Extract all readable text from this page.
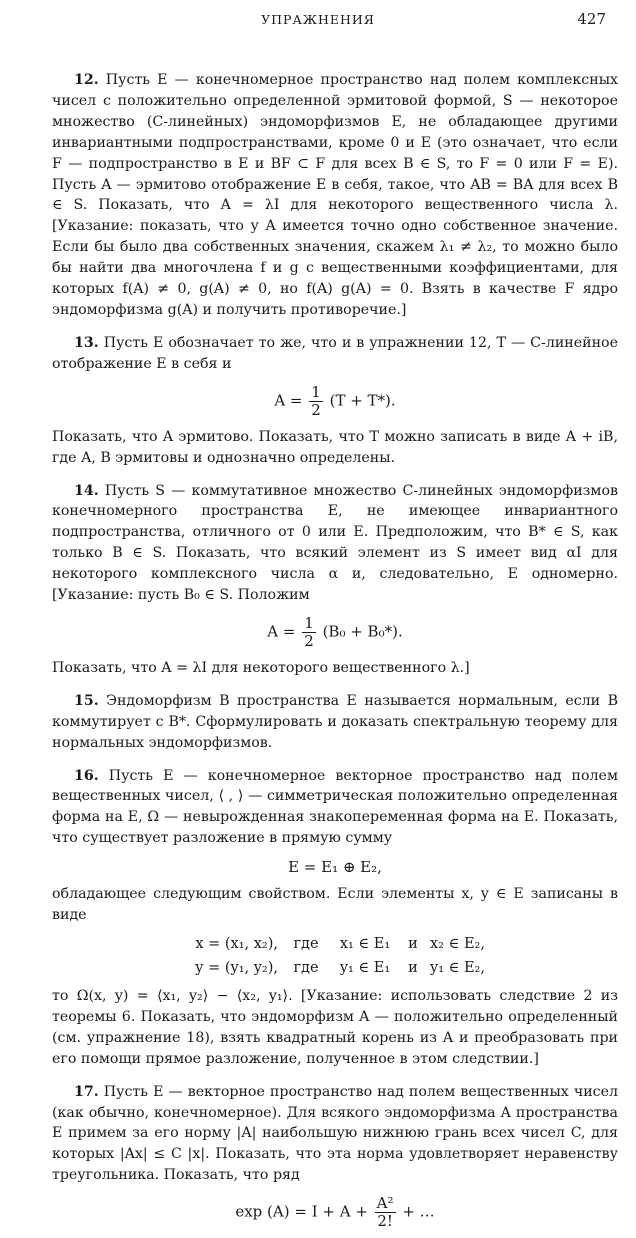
УПРАЖНЕНИЯ	427

12. Пусть E — конечномерное пространство над полем комплексных чисел с положительно определенной эрмитовой формой, S — некоторое множество (C-линейных) эндоморфизмов E, не обладающее другими инвариантными подпространствами, кроме 0 и E (это означает, что если F — подпространство в E и BF ⊂ F для всех B ∈ S, то F = 0 или F = E). Пусть A — эрмитово отображение E в себя, такое, что AB = BA для всех B ∈ S. Показать, что A = λI для некоторого вещественного числа λ. [Указание: показать, что у A имеется точно одно собственное значение. Если бы было два собственных значения, скажем λ₁ ≠ λ₂, то можно было бы найти два многочлена f и g с вещественными коэффициентами, для которых f(A) ≠ 0, g(A) ≠ 0, но f(A) g(A) = 0. Взять в качестве F ядро эндоморфизма g(A) и получить противоречие.]

13. Пусть E обозначает то же, что и в упражнении 12, T — C-линейное отображение E в себя и

$A = \frac{1}{2} (T + T*)$.

Показать, что A эрмитово. Показать, что T можно записать в виде A + iB, где A, B эрмитовы и однозначно определены.

14. Пусть S — коммутативное множество C-линейных эндоморфизмов конечномерного пространства E, не имеющее инвариантного подпространства, отличного от 0 или E. Предположим, что B* ∈ S, как только B ∈ S. Показать, что всякий элемент из S имеет вид αI для некоторого комплексного числа α и, следовательно, E одномерно. [Указание: пусть B₀ ∈ S. Положим

$A = \frac{1}{2} (B_0 + B_0*)$.

Показать, что A = λI для некоторого вещественного λ.]

15. Эндоморфизм B пространства E называется нормальным, если B коммутирует с B*. Сформулировать и доказать спектральную теорему для нормальных эндоморфизмов.

16. Пусть E — конечномерное векторное пространство над полем вещественных чисел, ⟨ , ⟩ — симметрическая положительно определенная форма на E, Ω — невырожденная знакопеременная форма на E. Показать, что существует разложение в прямую сумму

E = E₁ ⊕ E₂,

обладающее следующим свойством. Если элементы x, y ∈ E записаны в виде

x = (x₁, x₂),	где	x₁ ∈ E₁	и x₂ ∈ E₂,
y = (y₁, y₂),	где	y₁ ∈ E₁	и y₁ ∈ E₂,

то Ω(x, y) = ⟨x₁, y₂⟩ − ⟨x₂, y₁⟩. [Указание: использовать следствие 2 из теоремы 6. Показать, что эндоморфизм A — положительно определенный (см. упражнение 18), взять квадратный корень из A и преобразовать при его помощи прямое разложение, полученное в этом следствии.]

17. Пусть E — векторное пространство над полем вещественных чисел (как обычно, конечномерное). Для всякого эндоморфизма A пространства E примем за его норму |A| наибольшую нижнюю грань всех чисел C, для которых |Ax| ≤ C |x|. Показать, что эта норма удовлетворяет неравенству треугольника. Показать, что ряд

$\exp (A) = I + A + \frac{\text{A²}}{2!}$ + …
